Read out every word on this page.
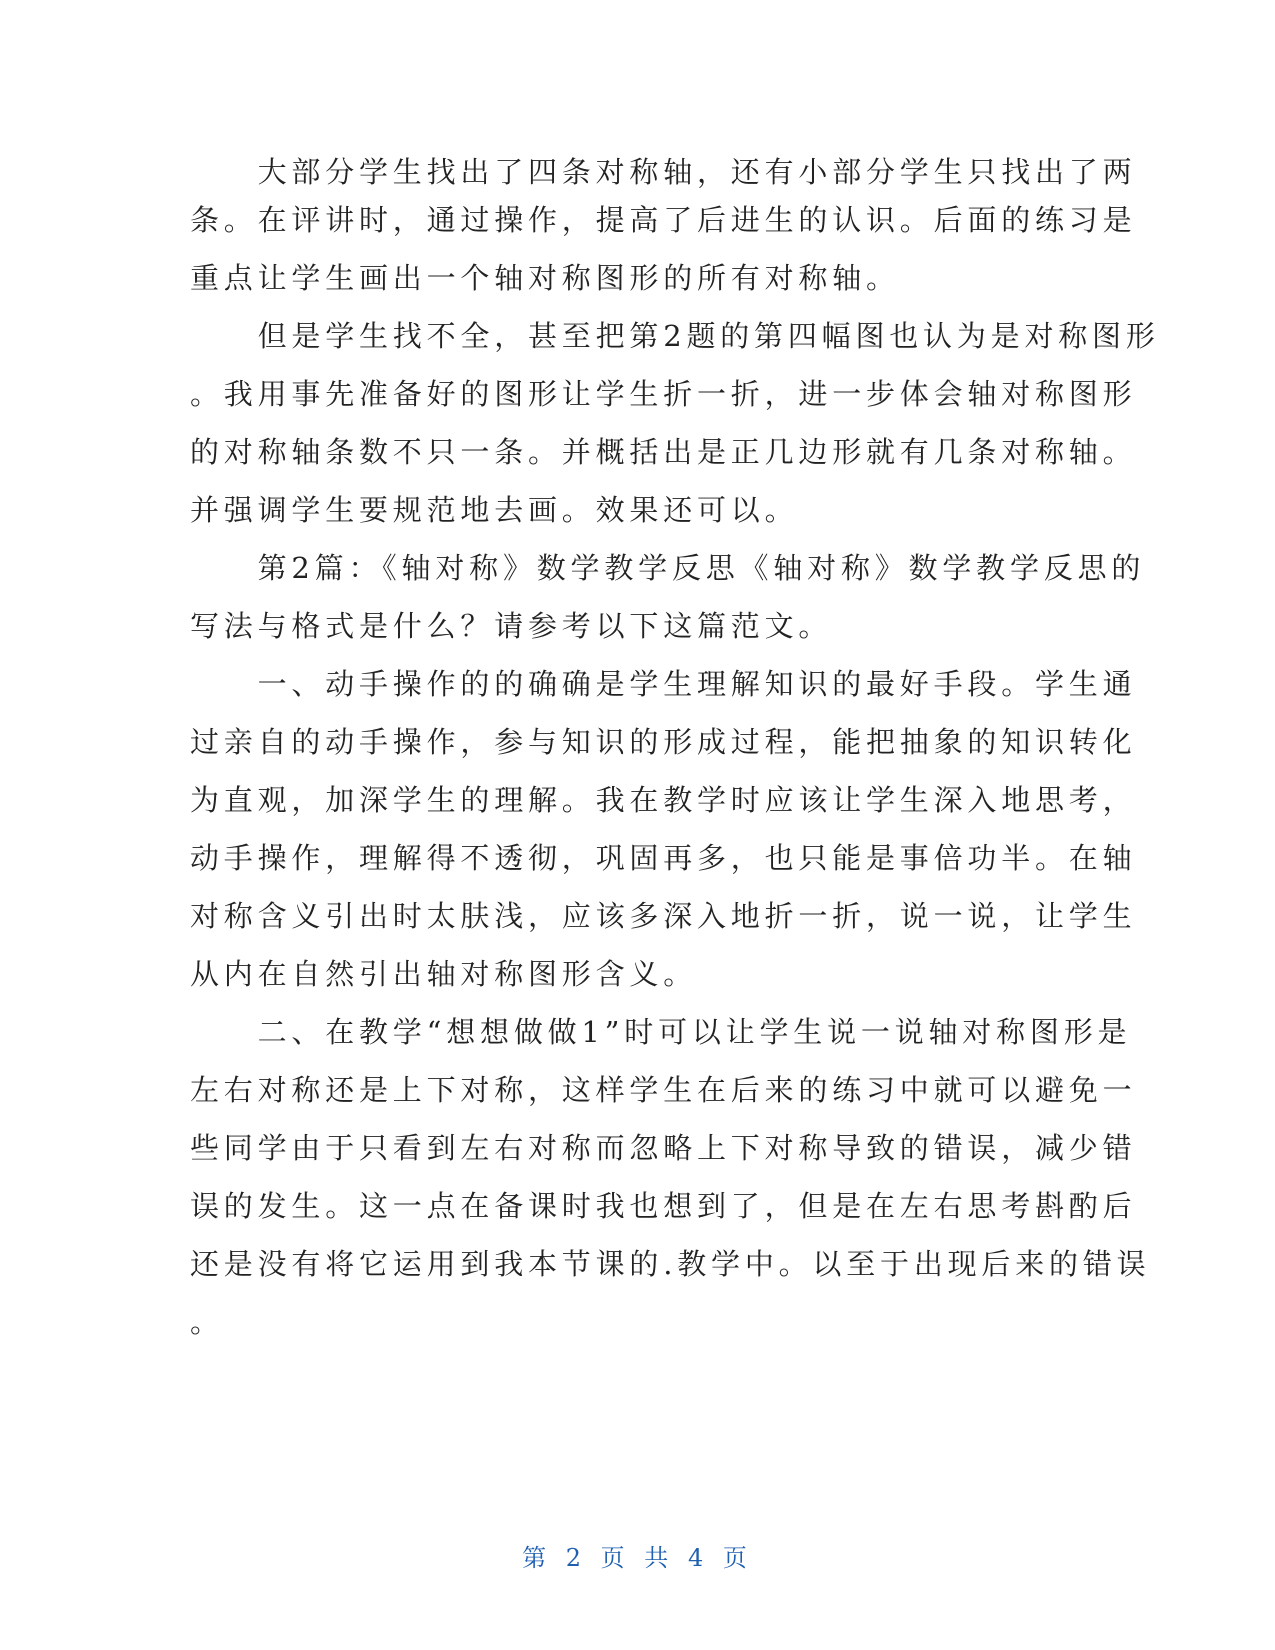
　　大部分学生找出了四条对称轴，还有小部分学生只找出了两
条。在评讲时，通过操作，提高了后进生的认识。后面的练习是
重点让学生画出一个轴对称图形的所有对称轴。
　　但是学生找不全，甚至把第2题的第四幅图也认为是对称图形
。我用事先准备好的图形让学生折一折，进一步体会轴对称图形
的对称轴条数不只一条。并概括出是正几边形就有几条对称轴。
并强调学生要规范地去画。效果还可以。
　　第2篇：《轴对称》数学教学反思《轴对称》数学教学反思的
写法与格式是什么？请参考以下这篇范文。
　　一、动手操作的的确确是学生理解知识的最好手段。学生通
过亲自的动手操作，参与知识的形成过程，能把抽象的知识转化
为直观，加深学生的理解。我在教学时应该让学生深入地思考，
动手操作，理解得不透彻，巩固再多，也只能是事倍功半。在轴
对称含义引出时太肤浅，应该多深入地折一折，说一说，让学生
从内在自然引出轴对称图形含义。
　　二、在教学“想想做做1”时可以让学生说一说轴对称图形是
左右对称还是上下对称，这样学生在后来的练习中就可以避免一
些同学由于只看到左右对称而忽略上下对称导致的错误，减少错
误的发生。这一点在备课时我也想到了，但是在左右思考斟酌后
还是没有将它运用到我本节课的.教学中。以至于出现后来的错误
。
第 2 页 共 4 页
